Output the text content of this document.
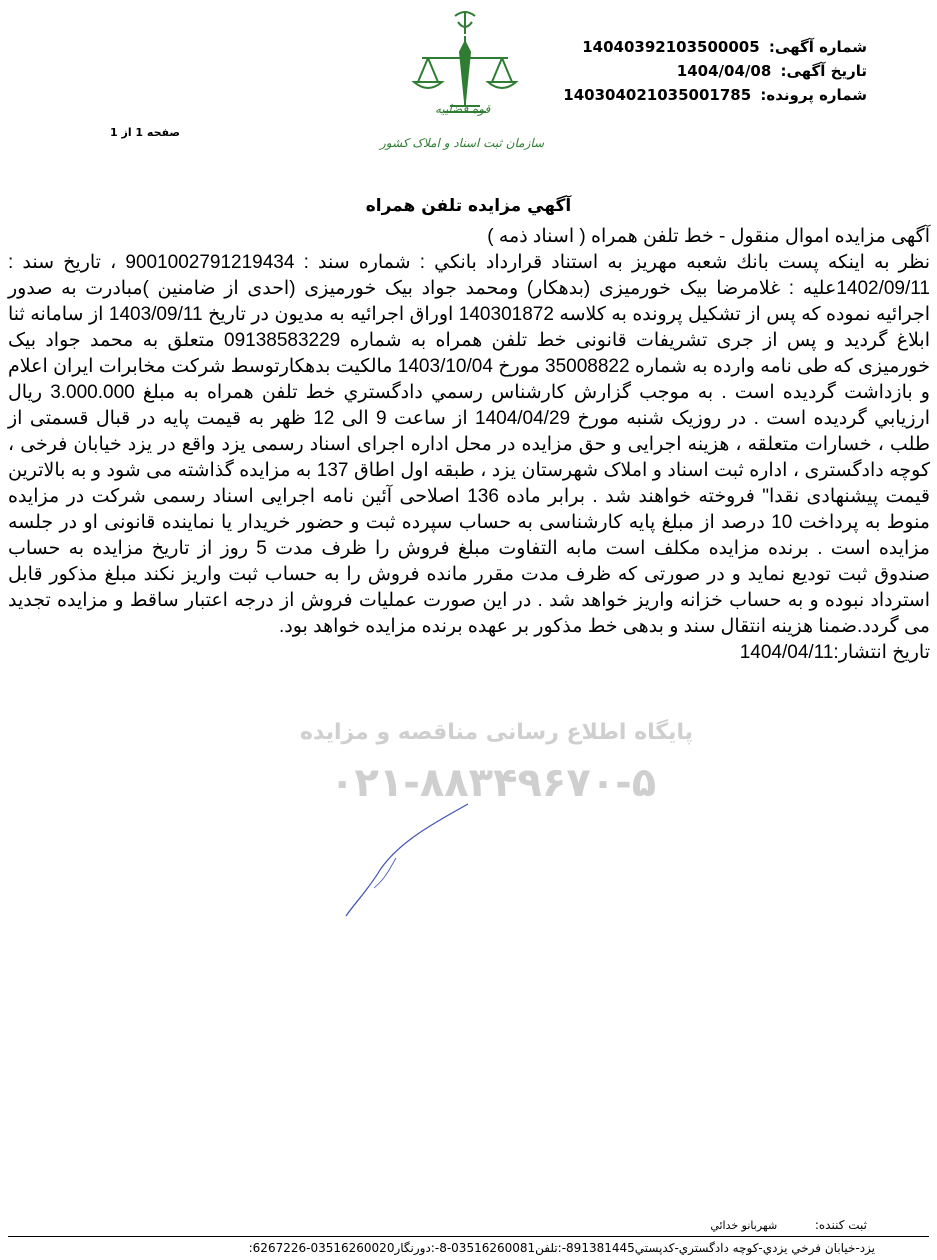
شماره آگهی: 14040392103500005
تاریخ آگهی: 1404/04/08
شماره پرونده: 140304021035001785
صفحه 1 از 1
قوه قضاییه
سازمان ثبت اسناد و املاک کشور
آگهي مزايده تلفن همراه
پایگاه اطلاع رسانی مناقصه و مزایده
۰۲۱-۸۸۳۴۹۶۷۰-۵
آگهی مزایده اموال منقول - خط تلفن همراه ( اسناد ذمه )
نظر به اینکه پست بانك شعبه مهريز به استناد قرارداد بانکي : شماره سند : 9001002791219434 ، تاریخ سند : 1402/09/11علیه : غلامرضا بیک خورمیزی (بدهکار) ومحمد جواد بیک خورمیزی (احدی از ضامنین )مبادرت به صدور اجرائیه نموده که پس از تشکیل پرونده به کلاسه 140301872 اوراق اجرائیه به مدیون در تاریخ 1403/09/11 از سامانه ثنا ابلاغ گردید و پس از جری تشریفات قانونی خط تلفن همراه به شماره 09138583229 متعلق به محمد جواد بیک خورمیزی که طی نامه وارده به شماره 35008822 مورخ 1403/10/04 مالکیت بدهکارتوسط شرکت مخابرات ایران اعلام و بازداشت گردیده است . به موجب گزارش کارشناس رسمي دادگستري خط تلفن همراه به مبلغ 3.000.000 ریال ارزیابي گردیده است . در روزیک شنبه مورخ 1404/04/29 از ساعت 9 الی 12 ظهر به قیمت پایه در قبال قسمتی از طلب ، خسارات متعلقه ، هزینه اجرایی و حق مزایده در محل اداره اجرای اسناد رسمی یزد واقع در یزد خیابان فرخی ، کوچه دادگستری ، اداره ثبت اسناد و املاک شهرستان یزد ، طبقه اول اطاق 137 به مزایده گذاشته می شود و به بالاترین قیمت پیشنهادی نقدا" فروخته خواهند شد . برابر ماده 136 اصلاحی آئین نامه اجرایی اسناد رسمی شرکت در مزایده منوط به پرداخت 10 درصد از مبلغ پایه کارشناسی به حساب سپرده ثبت و حضور خریدار یا نماینده قانونی او در جلسه مزایده است . برنده مزایده مکلف است مابه التفاوت مبلغ فروش را ظرف مدت 5 روز از تاریخ مزایده به حساب صندوق ثبت تودیع نماید و در صورتی که ظرف مدت مقرر مانده فروش را به حساب ثبت واریز نکند مبلغ مذکور قابل استرداد نبوده و به حساب خزانه واریز خواهد شد . در این صورت عملیات فروش از درجه اعتبار ساقط و مزایده تجدید می گردد.ضمنا هزینه انتقال سند و بدهی خط مذکور بر عهده برنده مزایده خواهد بود.
تاریخ انتشار:1404/04/11
ثبت کننده:  شهربانو خدائي
يزد-خيابان فرخي يزدي-کوچه دادگستري-کدپستي891381445-:تلفن03516260081-8-:دورنگار03516260020-6267226:
